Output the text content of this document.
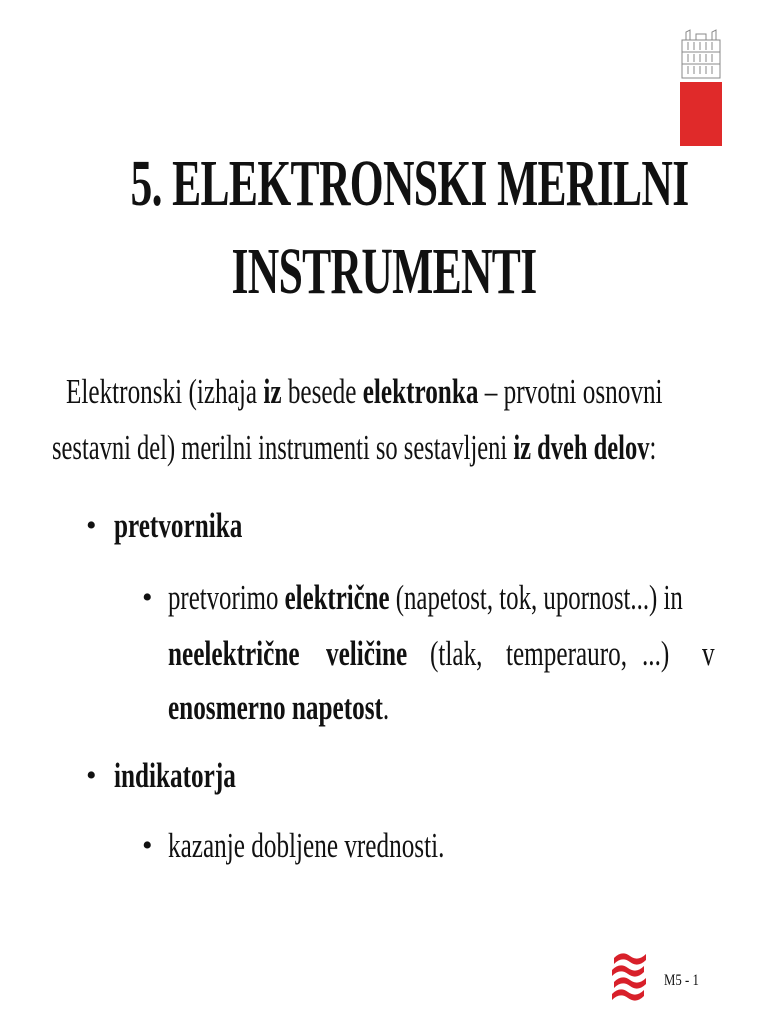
5. ELEKTRONSKI MERILNI
INSTRUMENTI
Elektronski (izhaja iz besede elektronka – prvotni osnovni
sestavni del) merilni instrumenti so sestavljeni iz dveh delov:
• pretvornika
• pretvorimo električne (napetost, tok, upornost...) in
neelektrične veličine (tlak, temperauro, ...) v
enosmerno napetost.
• indikatorja
• kazanje dobljene vrednosti.
M5 - 1
